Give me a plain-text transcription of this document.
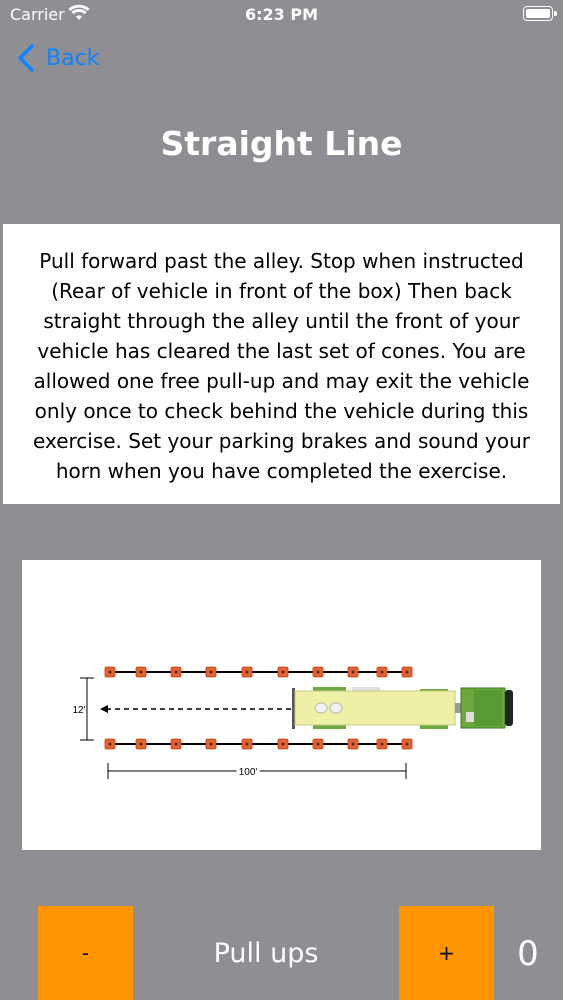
Carrier	6:23 PM
Back
Straight Line
Pull forward past the alley. Stop when instructed (Rear of vehicle in front of the box) Then back straight through the alley until the front of your vehicle has cleared the last set of cones. You are allowed one free pull-up and may exit the vehicle only once to check behind the vehicle during this exercise. Set your parking brakes and sound your horn when you have completed the exercise.
12'
100'
-	Pull ups	+	0
